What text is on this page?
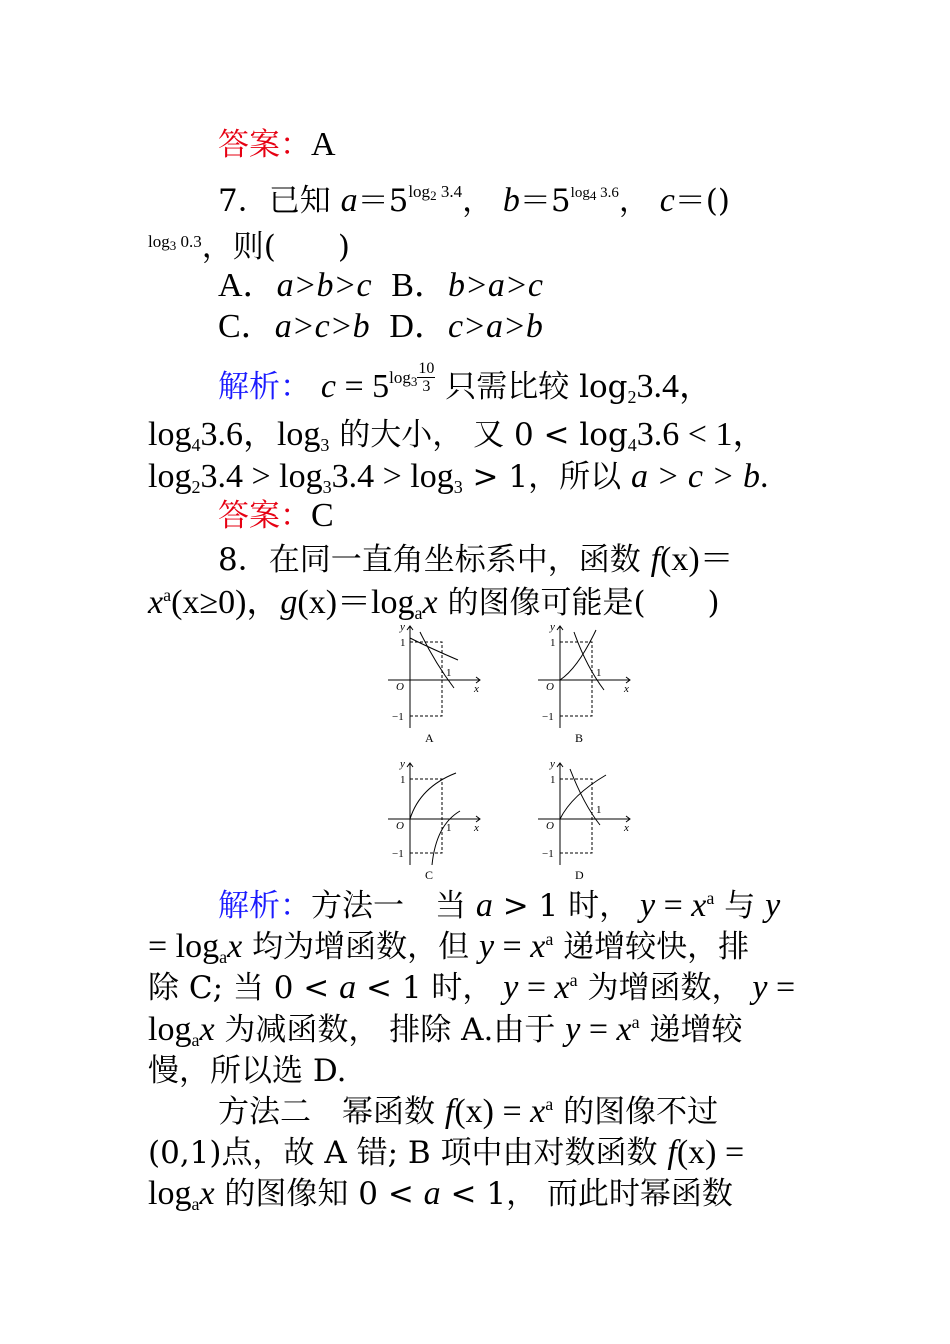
答案：A
7．已知 $a=5^{log2 3.4}$， $b=5^{log4 3.6}$， c＝()
$^{log3 0.3}$，则(　　)
A．a>b>c B．b>a>c
C．a>c>b D．c>a>b
解析： $c = 5^{log3} \frac{10}{3}$ 只需比较 $\log_23.4$，
$\log_43.6$，$\log_3$ 的大小， 又 $0 < \log_43.6 < 1$，
$\log_23.4 > \log_33.4 > \log_3 > 1$，所以 a > c > b.
答案：C
8．在同一直角坐标系中，函数 f(x)＝
$x^a(x\ge 0)$，$g(x)=\log_ax$ 的图像可能是(　　)
y
x
O
1
−1
1
A
y
x
O
1
−1
1
B
y
x
O
1
−1
1
C
y
x
O
1
−1
1
D
解析：方法一　当 a > 1 时， $y = x^a$ 与 y
= $\log_ax$ 均为增函数，但 $y = x^a$ 递增较快，排
除 C; 当 0 < a < 1 时， $y = x^a$ 为增函数， y =
$\log_ax$ 为减函数， 排除 A.由于 $y = x^a$ 递增较
慢，所以选 D.
方法二　幂函数 $f(x) = x^a$ 的图像不过
(0,1)点，故 A 错; B 项中由对数函数 f(x) =
$\log_ax$ 的图像知 0 < a < 1， 而此时幂函数
